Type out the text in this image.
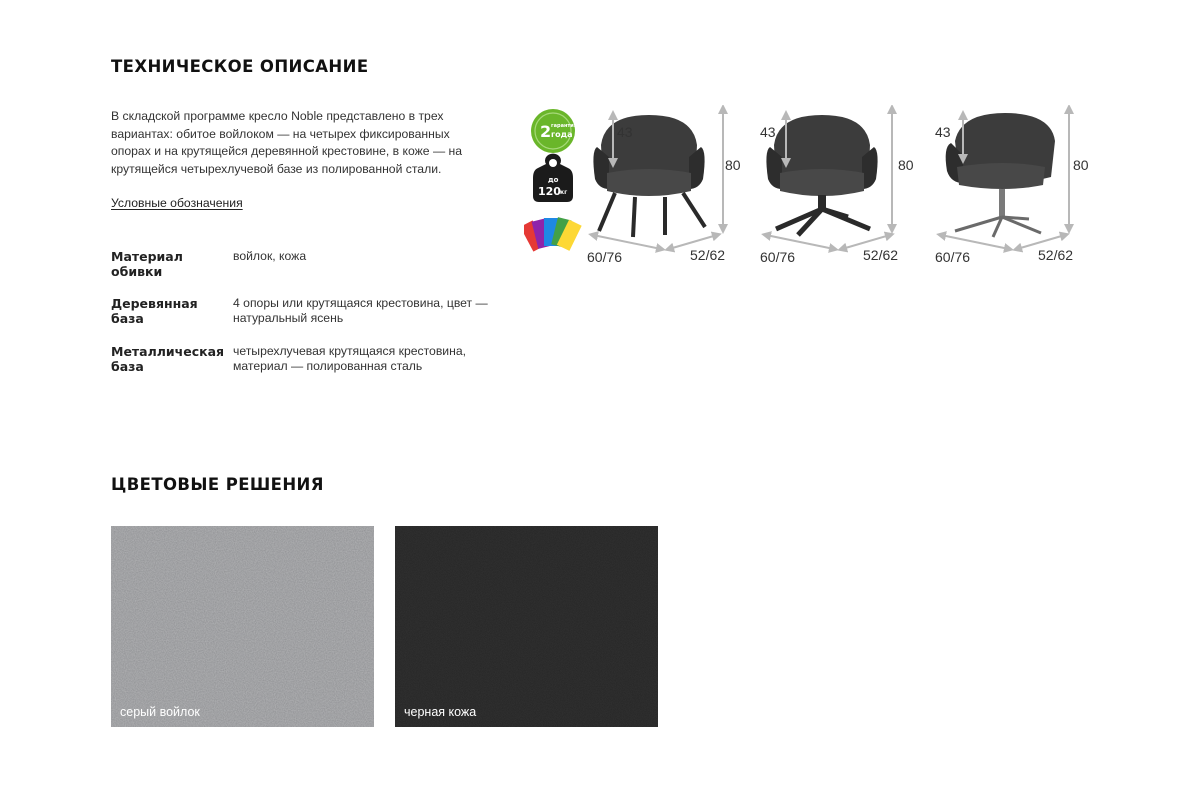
ТЕХНИЧЕСКОЕ ОПИСАНИЕ

В складской программе кресло Noble представлено в трех вариантах: обитое войлоком — на четырех фиксированных опорах и на крутящейся деревянной крестовине, в коже — на крутящейся четырехлучевой базе из полированной стали.

Условные обозначения
Материал обивки
войлок, кожа
Деревянная база
4 опоры или крутящаяся крестовина, цвет — натуральный ясень
Металлическая база
четырехлучевая крутящаяся крестовина, материал — полированная сталь
2 гарантия
года
до
120 кг
43
80
60/76	52/62
43
80
60/76	52/62
43
80
60/76	52/62
ЦВЕТОВЫЕ РЕШЕНИЯ
серый войлок	черная кожа
